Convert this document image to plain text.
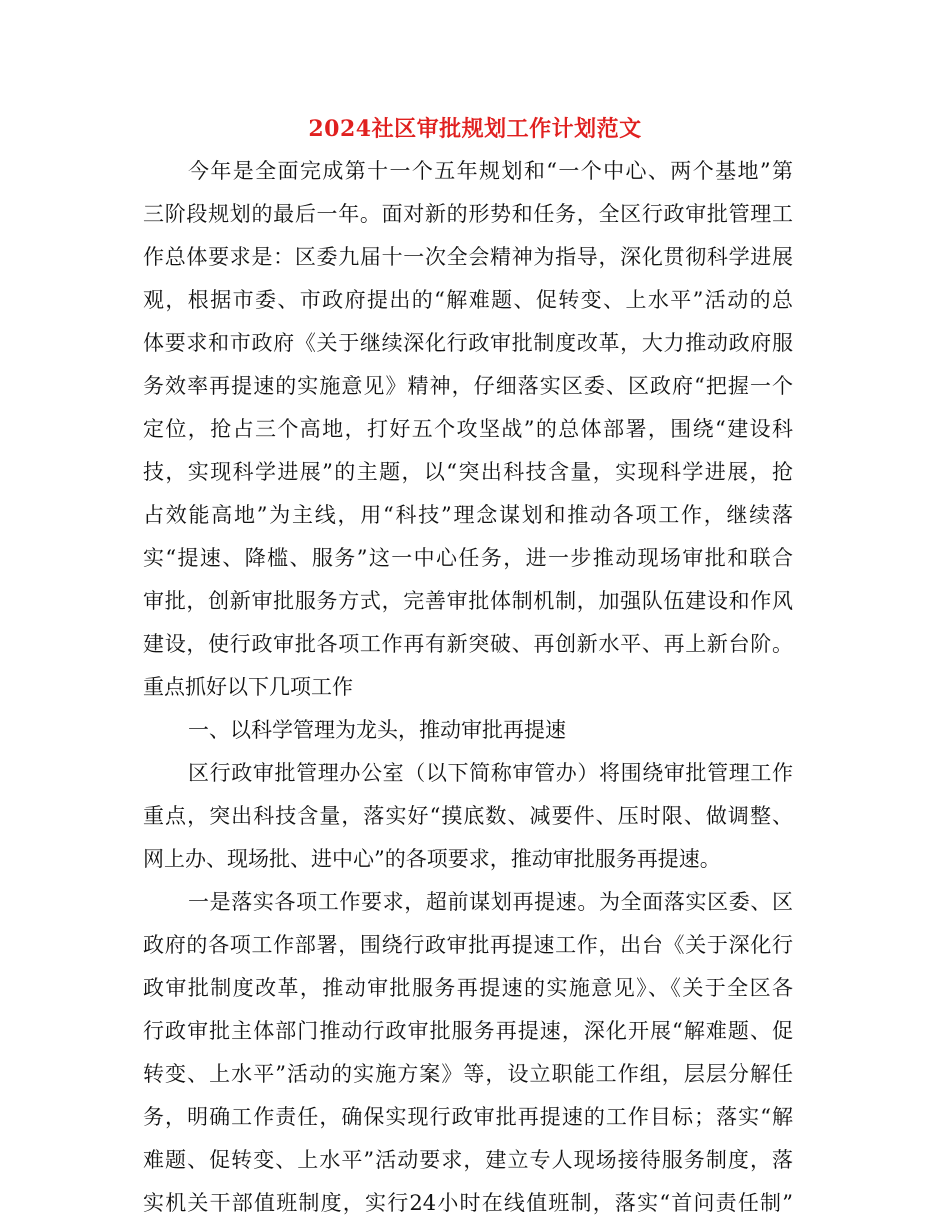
2024社区审批规划工作计划范文
今年是全面完成第十一个五年规划和“一个中心、两个基地”第
三阶段规划的最后一年。面对新的形势和任务，全区行政审批管理工
作总体要求是：区委九届十一次全会精神为指导，深化贯彻科学进展
观，根据市委、市政府提出的“解难题、促转变、上水平”活动的总
体要求和市政府《关于继续深化行政审批制度改革，大力推动政府服
务效率再提速的实施意见》精神，仔细落实区委、区政府“把握一个
定位，抢占三个高地，打好五个攻坚战”的总体部署，围绕“建设科
技，实现科学进展”的主题，以“突出科技含量，实现科学进展，抢
占效能高地”为主线，用“科技”理念谋划和推动各项工作，继续落
实“提速、降槛、服务”这一中心任务，进一步推动现场审批和联合
审批，创新审批服务方式，完善审批体制机制，加强队伍建设和作风
建设，使行政审批各项工作再有新突破、再创新水平、再上新台阶。
重点抓好以下几项工作
一、以科学管理为龙头，推动审批再提速
区行政审批管理办公室（以下简称审管办）将围绕审批管理工作
重点，突出科技含量，落实好“摸底数、减要件、压时限、做调整、
网上办、现场批、进中心”的各项要求，推动审批服务再提速。
一是落实各项工作要求，超前谋划再提速。为全面落实区委、区
政府的各项工作部署，围绕行政审批再提速工作，出台《关于深化行
政审批制度改革，推动审批服务再提速的实施意见》、《关于全区各
行政审批主体部门推动行政审批服务再提速，深化开展“解难题、促
转变、上水平”活动的实施方案》等，设立职能工作组，层层分解任
务，明确工作责任，确保实现行政审批再提速的工作目标；落实“解
难题、促转变、上水平”活动要求，建立专人现场接待服务制度，落
实机关干部值班制度，实行24小时在线值班制，落实“首问责任制”
